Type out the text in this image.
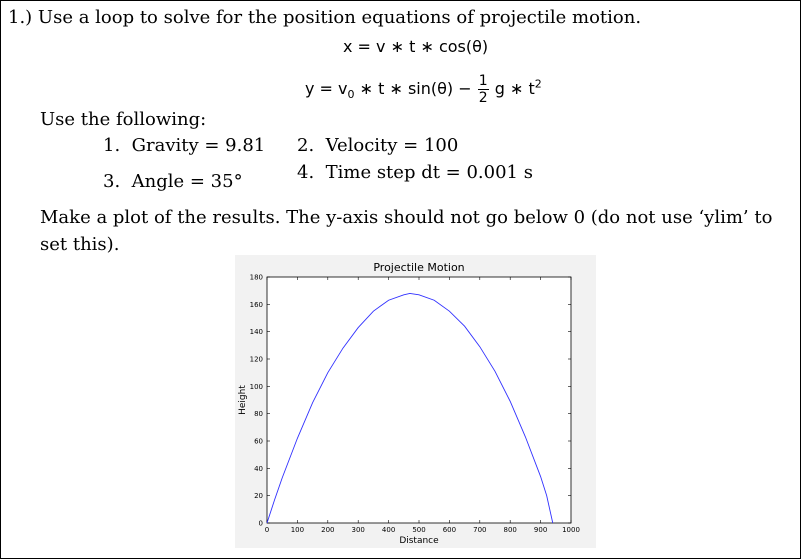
1.) Use a loop to solve for the position equations of projectile motion.
x = v ∗ t ∗ cos(θ)
$y = v_0$ ∗ t ∗ $\sin(\theta) - \frac{1}{2}$ g ∗ $t^2$
Use the following:
1.  Gravity = 9.81 2.  Velocity = 100
3.  Angle = 35°	4.  Time step dt = 0.001 s
Make a plot of the results. The y-axis should not go below 0 (do not use ‘ylim’ to set this).
0	100 200 300 400 500 600 700 800 900 1000
0
20
40
60
80
100
120
140
160
180
Projectile Motion
Distance
Height
